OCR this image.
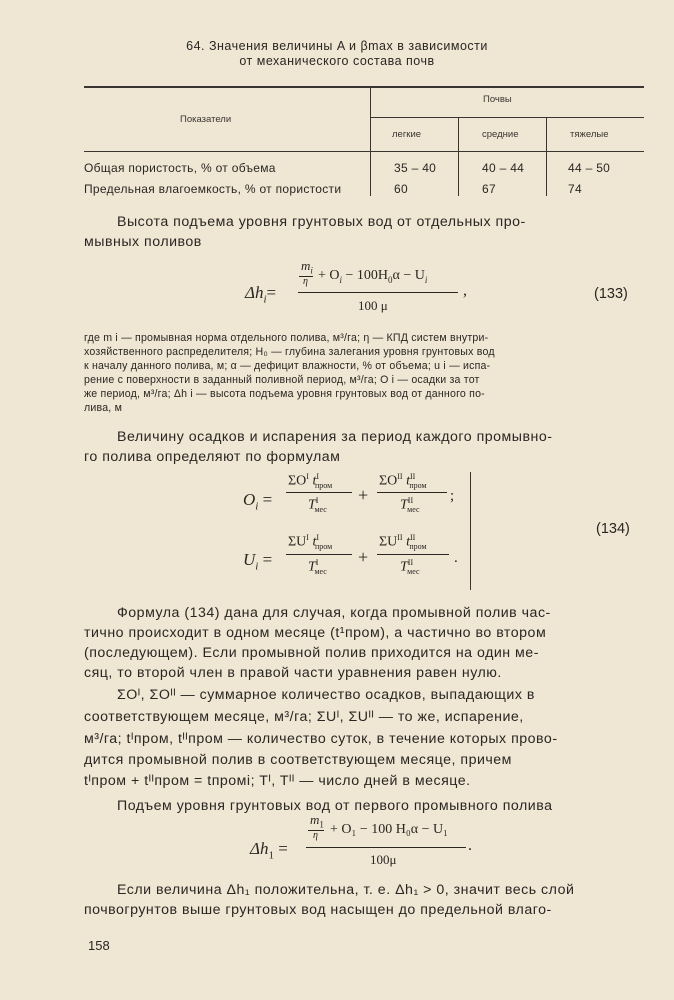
64. Значения величины A и βmax в зависимости
от механического состава почв
Показатели
Почвы
легкие	средние	тяжелые
Общая пористость, % от объема	35 – 40	40 – 44	44 – 50
Предельная влагоемкость, % от пористости	60	67	74
Высота подъема уровня грунтовых вод от отдельных про-
мывных поливов
$\Delta h_i=$
$m_i$
$\eta + O_i - 100H_0\alpha - U_i$
100 μ
,	(133)
где m i — промывная норма отдельного полива, м³/га; η — КПД систем внутри-
хозяйственного распределителя; H₀ — глубина залегания уровня грунтовых вод
к началу данного полива, м; α — дефицит влажности, % от объема; u i — испа-
рение с поверхности в заданный поливной период, м³/га; O i — осадки за тот
же период, м³/га; Δh i — высота подъема уровня грунтовых вод от данного по-
лива, м
Величину осадков и испарения за период каждого промывно-
го полива определяют по формулам
$O_i$ =
$\Sigma O^I$ $t^I_{пром}$
$T^I_{мес}$
+
$\Sigma O^{II}$ $t^{II}_{пром}$
$T^{II}_{мес}$
;
$U_i$ =
$\Sigma U^I$ $t^I_{пром}$
$T^I_{мес}$
+
$\Sigma U^{II}$ $t^{II}_{пром}$
$T^{II}_{мес}$
.
(134)
Формула (134) дана для случая, когда промывной полив час-
тично происходит в одном месяце (t¹пром), а частично во втором
(последующем). Если промывной полив приходится на один ме-
сяц, то второй член в правой части уравнения равен нулю.
ΣOᴵ, ΣOᴵᴵ — суммарное количество осадков, выпадающих в
соответствующем месяце, м³/га; ΣUᴵ, ΣUᴵᴵ — то же, испарение,
м³/га; tᴵпром, tᴵᴵпром — количество суток, в течение которых прово-
дится промывной полив в соответствующем месяце, причем
tᴵпром + tᴵᴵпром = tпромi; Tᴵ, Tᴵᴵ — число дней в месяце.
Подъем уровня грунтовых вод от первого промывного полива
$\Delta h_1$ =
$m_1$
η + O₁ − 100 H₀α − U₁
100μ
.
Если величина Δh₁ положительна, т. е. Δh₁ > 0, значит весь слой
почвогрунтов выше грунтовых вод насыщен до предельной влаго-
158
